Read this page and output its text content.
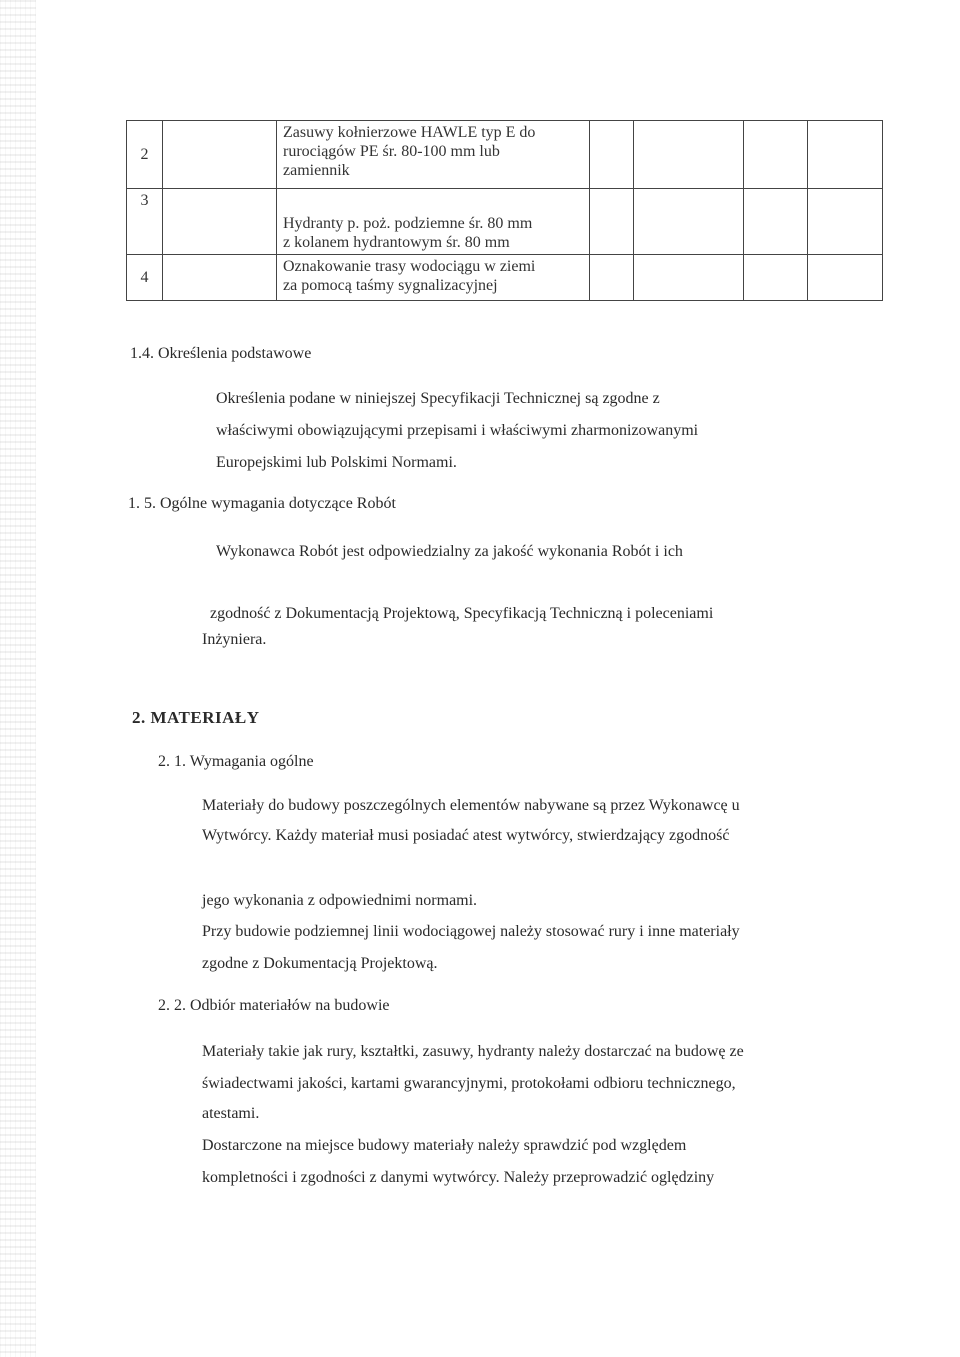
2		Zasuwy kołnierzowe HAWLE typ E do
rurociągów PE śr. 80-100 mm lub
zamiennik				

3		Hydranty p. poż. podziemne śr. 80 mm
z kolanem hydrantowym śr. 80 mm				

4		Oznakowanie trasy wodociągu w ziemi
za pomocą taśmy sygnalizacyjnej				

1.4. Określenia podstawowe
Określenia podane w niniejszej Specyfikacji Technicznej są zgodne z
właściwymi obowiązującymi przepisami i właściwymi zharmonizowanymi
Europejskimi lub Polskimi Normami.
1. 5. Ogólne wymagania dotyczące Robót
Wykonawca Robót jest odpowiedzialny za jakość wykonania Robót i ich
zgodność z Dokumentacją Projektową, Specyfikacją Techniczną i poleceniami
Inżyniera.
2. MATERIAŁY
2. 1. Wymagania ogólne
Materiały do budowy poszczególnych elementów nabywane są przez Wykonawcę u
Wytwórcy. Każdy materiał musi posiadać atest wytwórcy, stwierdzający zgodność
jego wykonania z odpowiednimi normami.
Przy budowie podziemnej linii wodociągowej należy stosować rury i inne materiały
zgodne z Dokumentacją Projektową.
2. 2. Odbiór materiałów na budowie
Materiały takie jak rury, kształtki, zasuwy, hydranty należy dostarczać na budowę ze
świadectwami jakości, kartami gwarancyjnymi, protokołami odbioru technicznego,
atestami.
Dostarczone na miejsce budowy materiały należy sprawdzić pod względem
kompletności i zgodności z danymi wytwórcy. Należy przeprowadzić oględziny
